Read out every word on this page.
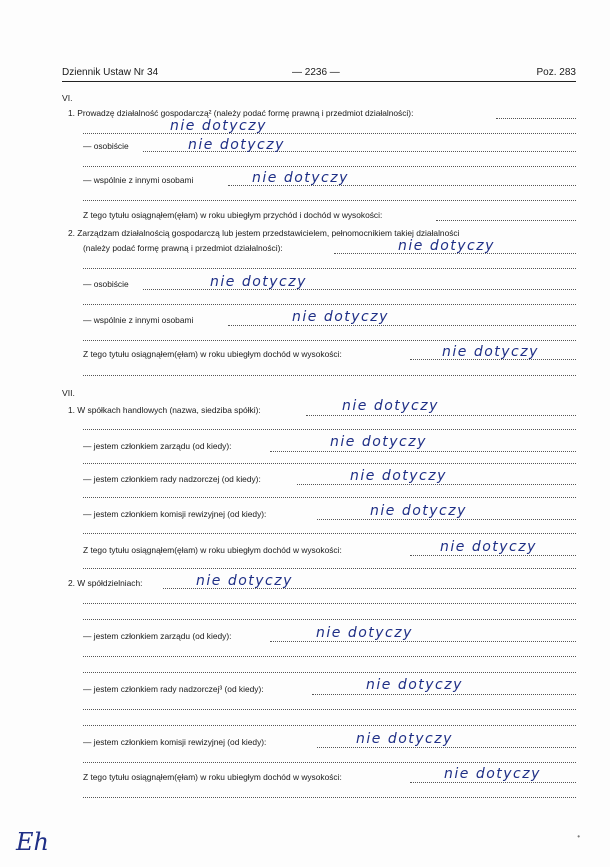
Dziennik Ustaw Nr 34	— 2236 —	Poz. 283
VI.
1. Prowadzę działalność gospodarczą² (należy podać formę prawną i przedmiot działalności):
nie dotyczy
— osobiście	nie dotyczy
— wspólnie z innymi osobami	nie dotyczy
Z tego tytułu osiągnąłem(ęłam) w roku ubiegłym przychód i dochód w wysokości:
2. Zarządzam działalnością gospodarczą lub jestem przedstawicielem, pełnomocnikiem takiej działalności
(należy podać formę prawną i przedmiot działalności):	nie dotyczy
— osobiście	nie dotyczy
— wspólnie z innymi osobami	nie dotyczy
Z tego tytułu osiągnąłem(ęłam) w roku ubiegłym dochód w wysokości:	nie dotyczy
VII.
1. W spółkach handlowych (nazwa, siedziba spółki):	nie dotyczy
— jestem członkiem zarządu (od kiedy):	nie dotyczy
— jestem członkiem rady nadzorczej (od kiedy):	nie dotyczy
— jestem członkiem komisji rewizyjnej (od kiedy):	nie dotyczy
Z tego tytułu osiągnąłem(ęłam) w roku ubiegłym dochód w wysokości:	nie dotyczy
2. W spółdzielniach:	nie dotyczy
— jestem członkiem zarządu (od kiedy):	nie dotyczy
— jestem członkiem rady nadzorczej³ (od kiedy):	nie dotyczy
— jestem członkiem komisji rewizyjnej (od kiedy):	nie dotyczy
Z tego tytułu osiągnąłem(ęłam) w roku ubiegłym dochód w wysokości:	nie dotyczy
Eh	•
